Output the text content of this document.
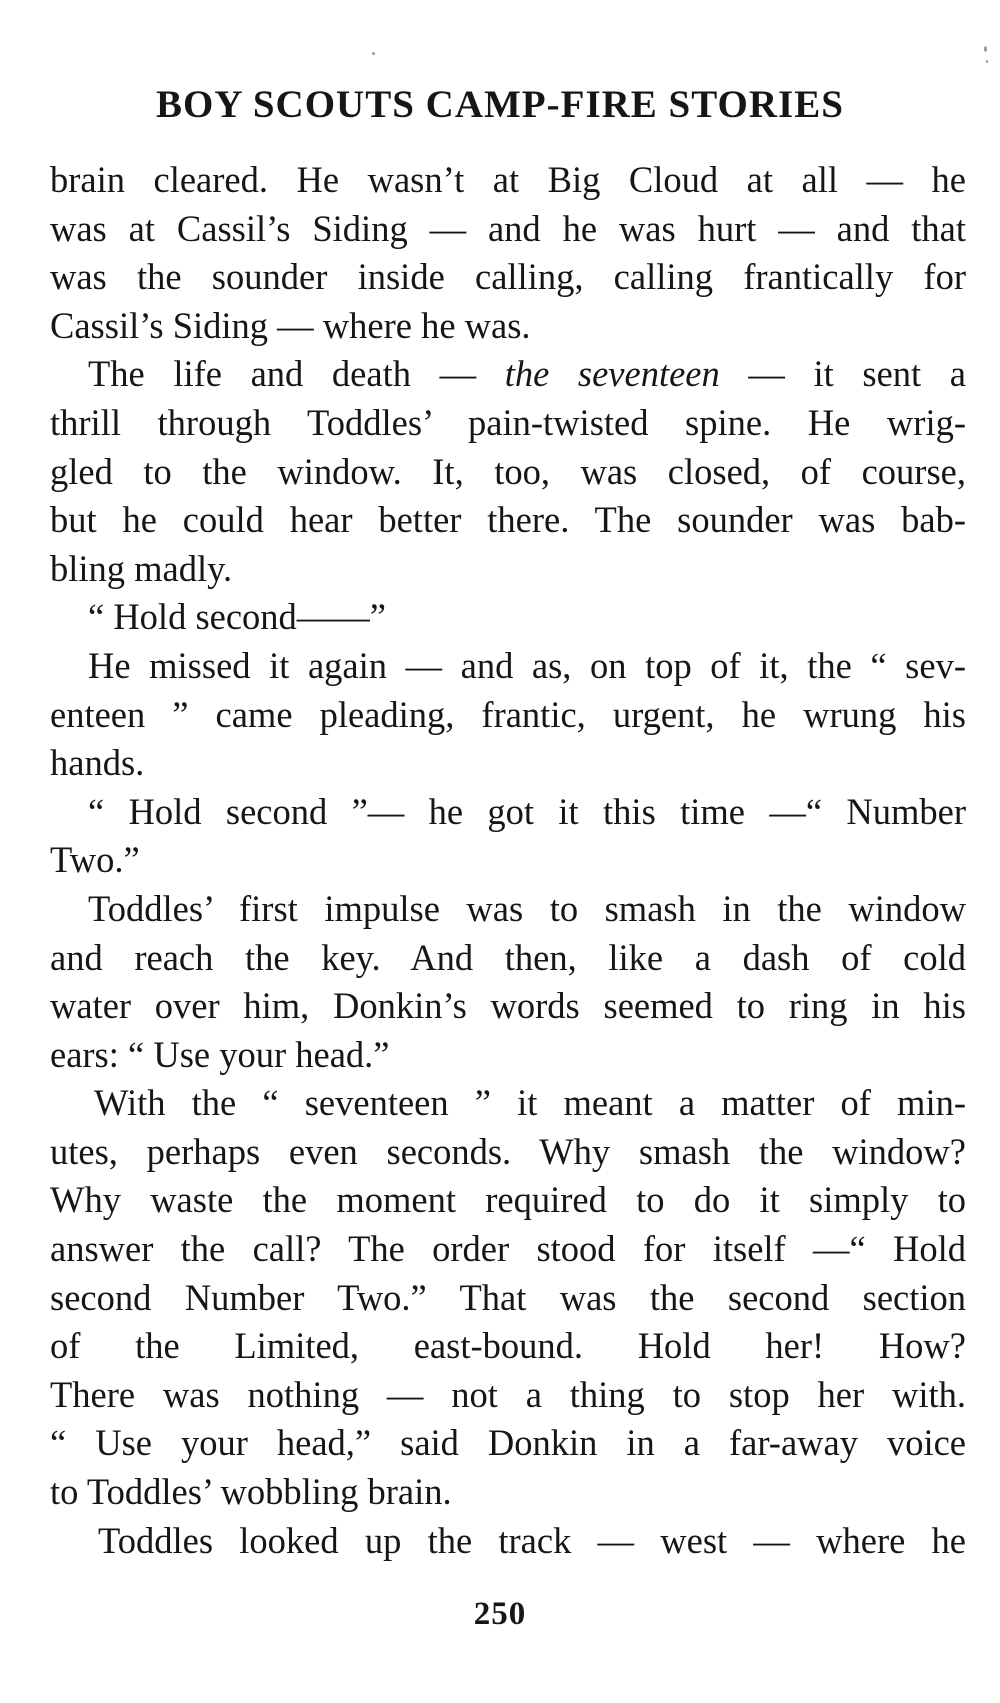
BOY SCOUTS CAMP-FIRE STORIES
brain cleared. He wasn’t at Big Cloud at all — he
was at Cassil’s Siding — and he was hurt — and that
was the sounder inside calling, calling frantically for
Cassil’s Siding — where he was.
The life and death — the seventeen — it sent a
thrill through Toddles’ pain-twisted spine. He wrig-
gled to the window. It, too, was closed, of course,
but he could hear better there. The sounder was bab-
bling madly.
“ Hold second——”
He missed it again — and as, on top of it, the “ sev-
enteen ” came pleading, frantic, urgent, he wrung his
hands.
“ Hold second ”— he got it this time —“ Number
Two.”
Toddles’ first impulse was to smash in the window
and reach the key. And then, like a dash of cold
water over him, Donkin’s words seemed to ring in his
ears: “ Use your head.”
With the “ seventeen ” it meant a matter of min-
utes, perhaps even seconds. Why smash the window?
Why waste the moment required to do it simply to
answer the call? The order stood for itself —“ Hold
second Number Two.” That was the second section
of the Limited, east-bound. Hold her! How?
There was nothing — not a thing to stop her with.
“ Use your head,” said Donkin in a far-away voice
to Toddles’ wobbling brain.
Toddles looked up the track — west — where he
250
